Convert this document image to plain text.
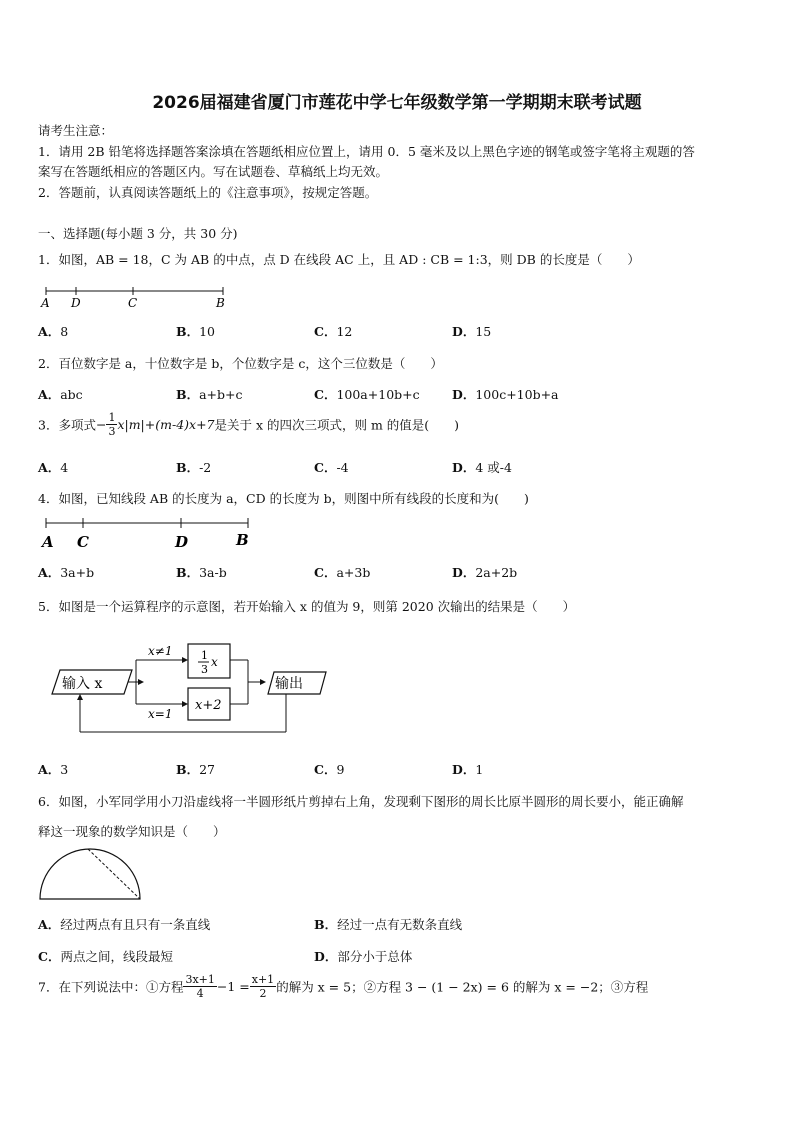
2026届福建省厦门市莲花中学七年级数学第一学期期末联考试题
请考生注意：
1．请用 2B 铅笔将选择题答案涂填在答题纸相应位置上，请用 0．5 毫米及以上黑色字迹的钢笔或签字笔将主观题的答
案写在答题纸相应的答题区内。写在试题卷、草稿纸上均无效。
2．答题前，认真阅读答题纸上的《注意事项》，按规定答题。
一、选择题(每小题 3 分，共 30 分)
1．如图，AB = 18，C 为 AB 的中点，点 D 在线段 AC 上，且 AD : CB = 1:3，则 DB 的长度是（　　）
A D	C	B
A．8	B．10	C．12	D．15
2．百位数字是 a，十位数字是 b，个位数字是 c，这个三位数是（　　）
A．abc	B．a+b+c	C．100a+10b+c	D．100c+10b+a
3．多项式− $\frac{1}{3} x|m|+(m-4)x+7$是关于 x 的四次三项式，则 m 的值是(　　)
A．4	B．-2	C．-4	D．4 或-4
4．如图，已知线段 AB 的长度为 a，CD 的长度为 b，则图中所有线段的长度和为(　　)
A C	D	B
A．3a+b	B．3a-b	C．a+3b	D．2a+2b
5．如图是一个运算程序的示意图，若开始输入 x 的值为 9，则第 2020 次输出的结果是（　　）
输入 x
x≠1
x=1
1
3
x
x+2
输出
A．3	B．27	C．9	D．1
6．如图，小军同学用小刀沿虚线将一半圆形纸片剪掉右上角，发现剩下图形的周长比原半圆形的周长要小，能正确解
释这一现象的数学知识是（　　）
A．经过两点有且只有一条直线	B．经过一点有无数条直线
C．两点之间，线段最短	D．部分小于总体
7．在下列说法中：①方程 $\frac{3x+1}{4} -1 = \frac{x+1}{2}$ 的解为 x = 5；②方程 3 − (1 − 2x) = 6 的解为 x = −2；③方程
